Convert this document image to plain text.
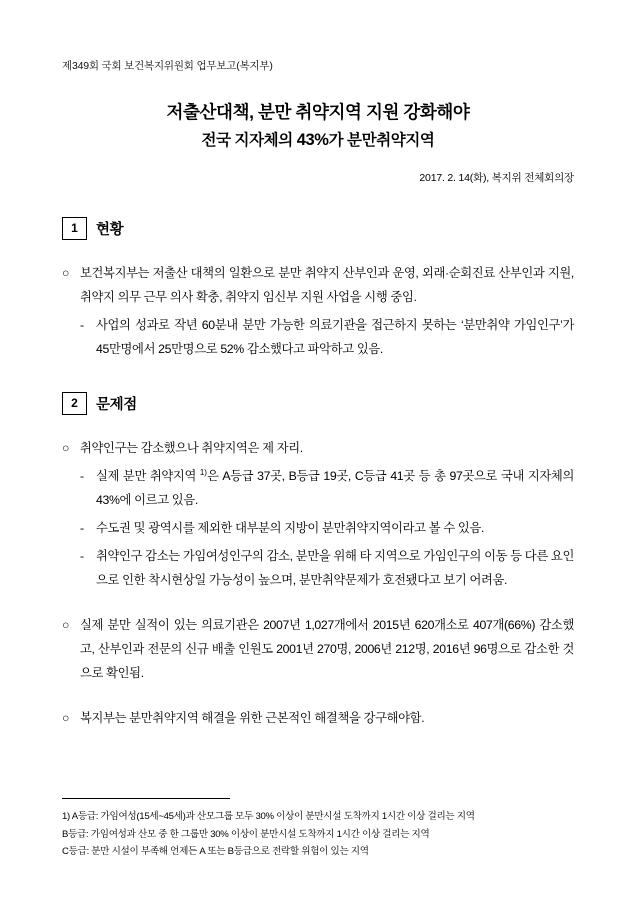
제349회 국회 보건복지위원회 업무보고(복지부)
저출산대책, 분만 취약지역 지원 강화해야
전국 지자체의 43%가 분만취약지역
2017. 2. 14(화), 복지위 전체회의장
1	현황
○ 보건복지부는 저출산 대책의 일환으로 분만 취약지 산부인과 운영, 외래·순회진료 산부인과 지원, 취약지 의무 근무 의사 확충, 취약지 임신부 지원 사업을 시행 중임.
- 사업의 성과로 작년 60분내 분만 가능한 의료기관을 접근하지 못하는 ‘분만취약 가임인구’가 45만명에서 25만명으로 52% 감소했다고 파악하고 있음.
2	문제점
○ 취약인구는 감소했으나 취약지역은 제 자리.
- 실제 분만 취약지역 $^{1)}$은 A등급 37곳, B등급 19곳, C등급 41곳 등 총 97곳으로 국내 지자체의 43%에 이르고 있음.
- 수도권 및 광역시를 제외한 대부분의 지방이 분만취약지역이라고 볼 수 있음.
- 취약인구 감소는 가임여성인구의 감소, 분만을 위해 타 지역으로 가임인구의 이동 등 다른 요인으로 인한 착시현상일 가능성이 높으며, 분만취약문제가 호전됐다고 보기 어려움.
○ 실제 분만 실적이 있는 의료기관은 2007년 1,027개에서 2015년 620개소로 407개(66%) 감소했고, 산부인과 전문의 신규 배출 인원도 2001년 270명, 2006년 212명, 2016년 96명으로 감소한 것으로 확인됨.
○ 복지부는 분만취약지역 해결을 위한 근본적인 해결책을 강구해야함.
1) A등급: 가임여성(15세~45세)과 산모그룹 모두 30% 이상이 분만시설 도착까지 1시간 이상 걸리는 지역
B등급: 가임여성과 산모 중 한 그룹만 30% 이상이 분만시설 도착까지 1시간 이상 걸리는 지역
C등급: 분만 시설이 부족해 언제든 A 또는 B등급으로 전락할 위험이 있는 지역
